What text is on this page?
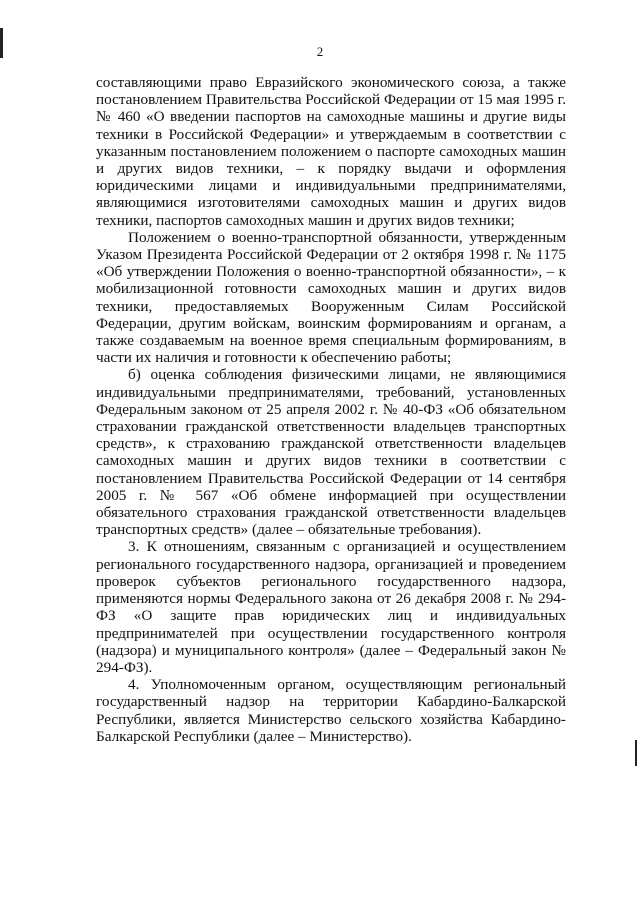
2

составляющими право Евразийского экономического союза, а также постановлением Правительства Российской Федерации от 15 мая 1995 г. № 460 «О введении паспортов на самоходные машины и другие виды техники в Российской Федерации» и утверждаемым в соответствии с указанным постановлением положением о паспорте самоходных машин и других видов техники, – к порядку выдачи и оформления юридическими лицами и индивидуальными предпринимателями, являющимися изготовителями самоходных машин и других видов техники, паспортов самоходных машин и других видов техники;

Положением о военно-транспортной обязанности, утвержденным Указом Президента Российской Федерации от 2 октября 1998 г. № 1175 «Об утверждении Положения о военно-транспортной обязанности», – к мобилизационной готовности самоходных машин и других видов техники, предоставляемых Вооруженным Силам Российской Федерации, другим войскам, воинским формированиям и органам, а также создаваемым на военное время специальным формированиям, в части их наличия и готовности к обеспечению работы;

б) оценка соблюдения физическими лицами, не являющимися индивидуальными предпринимателями, требований, установленных Федеральным законом от 25 апреля 2002 г. № 40-ФЗ «Об обязательном страховании гражданской ответственности владельцев транспортных средств», к страхованию гражданской ответственности владельцев самоходных машин и других видов техники в соответствии с постановлением Правительства Российской Федерации от 14 сентября 2005 г. № 567 «Об обмене информацией при осуществлении обязательного страхования гражданской ответственности владельцев транспортных средств» (далее – обязательные требования).

3. К отношениям, связанным с организацией и осуществлением регионального государственного надзора, организацией и проведением проверок субъектов регионального государственного надзора, применяются нормы Федерального закона от 26 декабря 2008 г. № 294-ФЗ «О защите прав юридических лиц и индивидуальных предпринимателей при осуществлении государственного контроля (надзора) и муниципального контроля» (далее – Федеральный закон № 294-ФЗ).

4. Уполномоченным органом, осуществляющим региональный государственный надзор на территории Кабардино-Балкарской Республики, является Министерство сельского хозяйства Кабардино-Балкарской Республики (далее – Министерство).
